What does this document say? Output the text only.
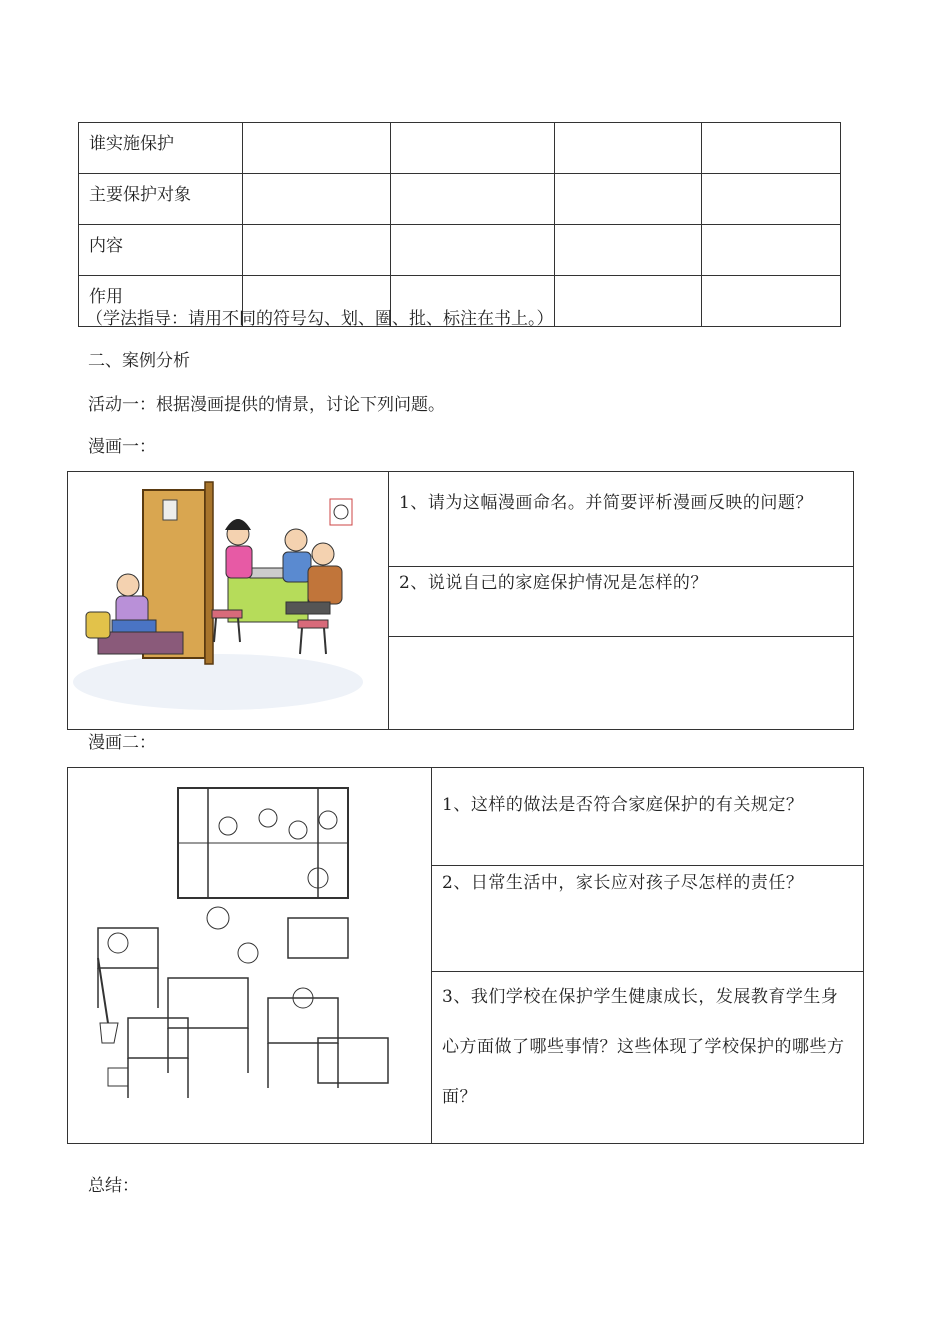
谁实施保护				
主要保护对象				
内容				
作用				
（学法指导：请用不同的符号勾、划、圈、批、标注在书上。）
二、案例分析
活动一：根据漫画提供的情景，讨论下列问题。
漫画一：
	1、请为这幅漫画命名。并简要评析漫画反映的问题？
2、说说自己的家庭保护情况是怎样的？

漫画二：
	1、这样的做法是否符合家庭保护的有关规定？
2、日常生活中，家长应对孩子尽怎样的责任？
3、我们学校在保护学生健康成长，发展教育学生身心方面做了哪些事情？这些体现了学校保护的哪些方面？
总结：
